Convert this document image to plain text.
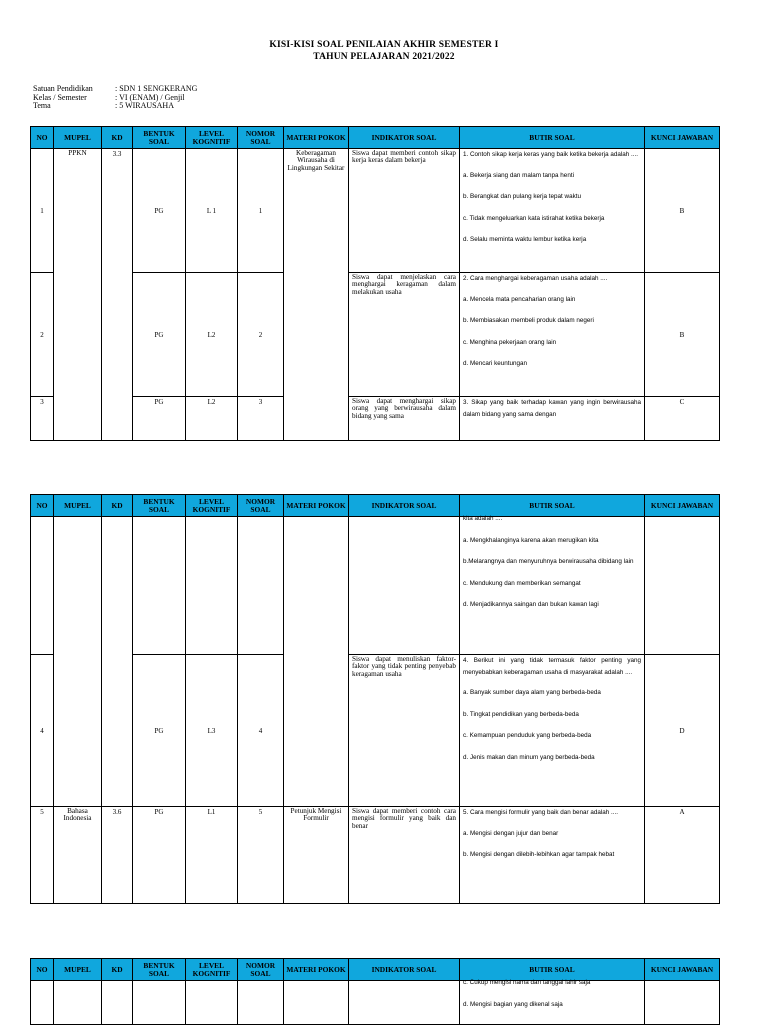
KISI-KISI SOAL PENILAIAN AKHIR SEMESTER I
TAHUN PELAJARAN 2021/2022
Satuan Pendidikan	: SDN 1 SENGKERANG
Kelas / Semester	: VI (ENAM) / Genjil
Tema	: 5 WIRAUSAHA
NO	MUPEL	KD	BENTUK SOAL	LEVEL KOGNITIF	NOMOR SOAL	MATERI POKOK	INDIKATOR SOAL	BUTIR SOAL	KUNCI JAWABAN
1	PPKN	3.3	PG	L 1	1	Keberagaman Wirausaha di Lingkungan Sekitar	Siswa dapat memberi contoh sikap kerja keras dalam bekerja	1. Contoh sikap kerja keras yang baik ketika bekerja adalah ....
a. Bekerja siang dan malam tanpa henti
b. Berangkat dan pulang kerja tepat waktu
c. Tidak mengeluarkan kata istirahat ketika bekerja
d. Selalu meminta waktu lembur ketika kerja	B
2			PG	L2	2		Siswa dapat menjelaskan cara menghargai keragaman dalam melakukan usaha	2. Cara menghargai keberagaman usaha adalah ....
a. Mencela mata pencaharian orang lain
b. Membiasakan membeli produk dalam negeri
c. Menghina pekerjaan orang lain
d. Mencari keuntungan	B
3			PG	L2	3		Siswa dapat menghargai sikap orang yang berwirausaha dalam bidang yang sama	3. Sikap yang baik terhadap kawan yang ingin berwirausaha dalam bidang yang sama dengan	C
NO	MUPEL	KD	BENTUK SOAL	LEVEL KOGNITIF	NOMOR SOAL	MATERI POKOK	INDIKATOR SOAL	BUTIR SOAL	KUNCI JAWABAN

								kita adalah ....
a. Mengkhalanginya karena akan merugikan kita
b.Melarangnya dan menyuruhnya berwirausaha dibidang lain
c. Mendukung dan memberikan semangat
d. Menjadikannya saingan dan bukan kawan lagi	

4			PG	L3	4		Siswa dapat menuliskan faktor-faktor yang tidak penting penyebab keragaman usaha	4. Berikut ini yang tidak termasuk faktor penting yang menyebabkan keberagaman usaha di masyarakat adalah ....
a. Banyak sumber daya alam yang berbeda-beda
b. Tingkat pendidikan yang berbeda-beda
c. Kemampuan penduduk yang berbeda-beda
d. Jenis makan dan minum yang berbeda-beda	D
5	Bahasa Indonesia	3.6	PG	L1	5	Petunjuk Mengisi Formulir	Siswa dapat memberi contoh cara mengisi formulir yang baik dan benar	5. Cara mengisi formulir yang baik dan benar adalah ....
a. Mengisi dengan jujur dan benar
b. Mengisi dengan dilebih-lebihkan agar tampak hebat	A
NO	MUPEL	KD	BENTUK SOAL	LEVEL KOGNITIF	NOMOR SOAL	MATERI POKOK	INDIKATOR SOAL	BUTIR SOAL	KUNCI JAWABAN

								c. Cukup mengisi nama dan tanggal lahir saja
d. Mengisi bagian yang dikenal saja	
